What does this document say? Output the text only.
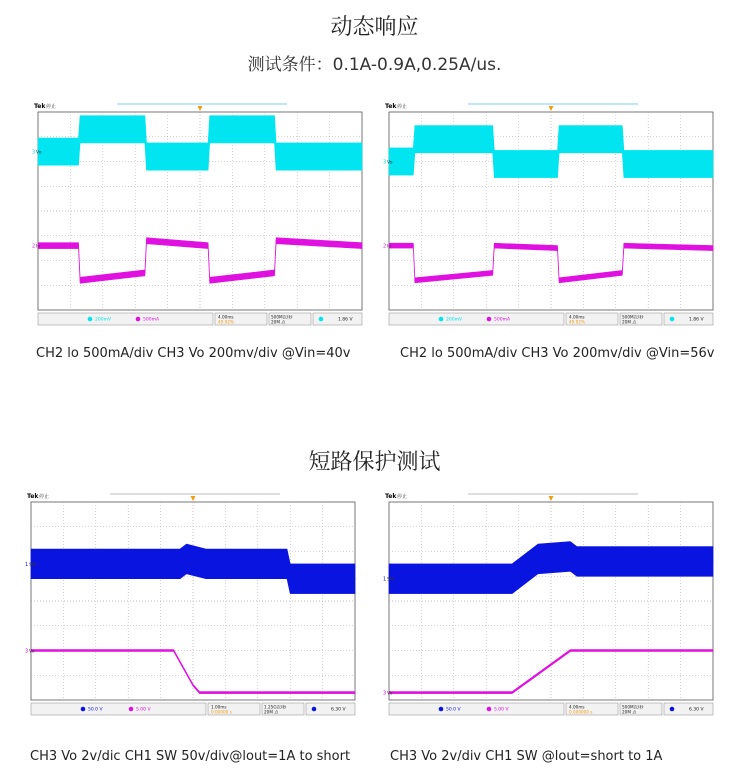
动态响应
测试条件：0.1A-0.9A,0.25A/us.
Tek 停止
3 Vo
2 Io
200mV	500mA
4.00ms
49.92%
500M次/秒
20M 点	1.86 V
Tek 停止
3 Vo
2 Io
200mV	500mA
4.00ms
49.92%
500M次/秒
20M 点	1.86 V
CH2 lo 500mA/div CH3 Vo 200mv/div @Vin=40v	CH2 lo 500mA/div CH3 Vo 200mv/div @Vin=56v
短路保护测试
Tek 停止
1 SW
3 Vo
50.0 V	5.00 V
1.00ms
0.00000 s
1.25G次/秒
20M 点	6.30 V
Tek 停止
1 SW
3 Vo
50.0 V	5.00 V
4.00ms
0.000000 s
500M次/秒
20M 点	6.30 V
CH3 Vo 2v/dic CH1 SW 50v/div@lout=1A to short	CH3 Vo 2v/div CH1 SW @lout=short to 1A
